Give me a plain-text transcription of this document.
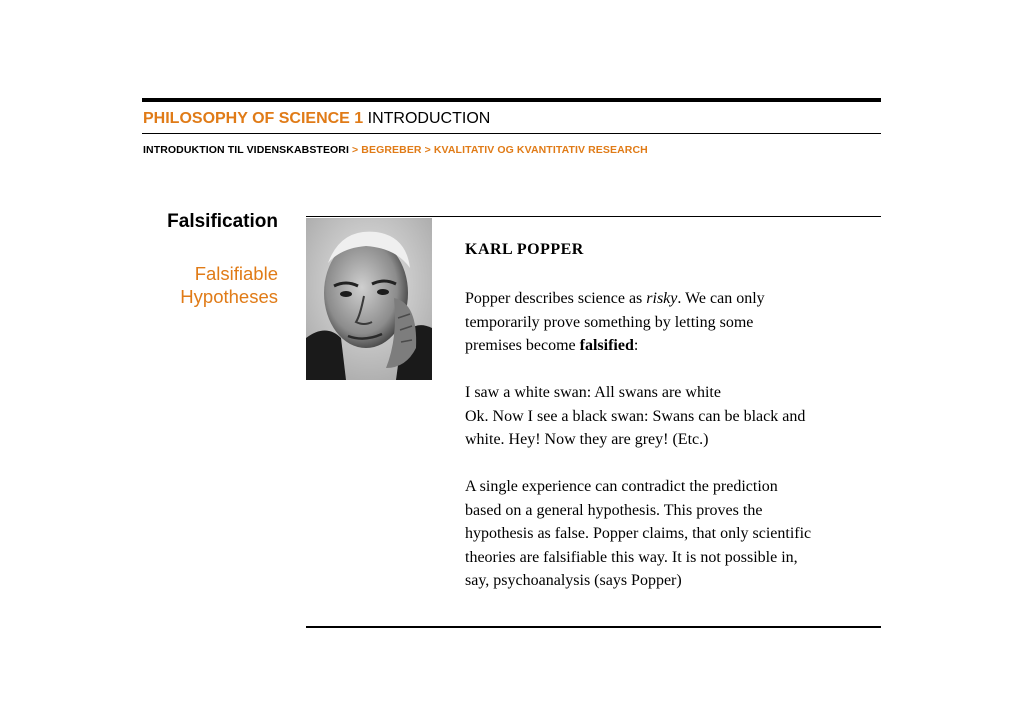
PHILOSOPHY OF SCIENCE 1 INTRODUCTION
INTRODUKTION TIL VIDENSKABSTEORI > BEGREBER > KVALITATIV OG KVANTITATIV RESEARCH
Falsification
Falsifiable
Hypotheses
KARL POPPER

Popper describes science as risky. We can only
temporarily prove something by letting some
premises become falsified:

I saw a white swan: All swans are white
Ok. Now I see a black swan: Swans can be black and
white. Hey! Now they are grey! (Etc.)

A single experience can contradict the prediction
based on a general hypothesis. This proves the
hypothesis as false. Popper claims, that only scientific
theories are falsifiable this way. It is not possible in,
say, psychoanalysis (says Popper)
